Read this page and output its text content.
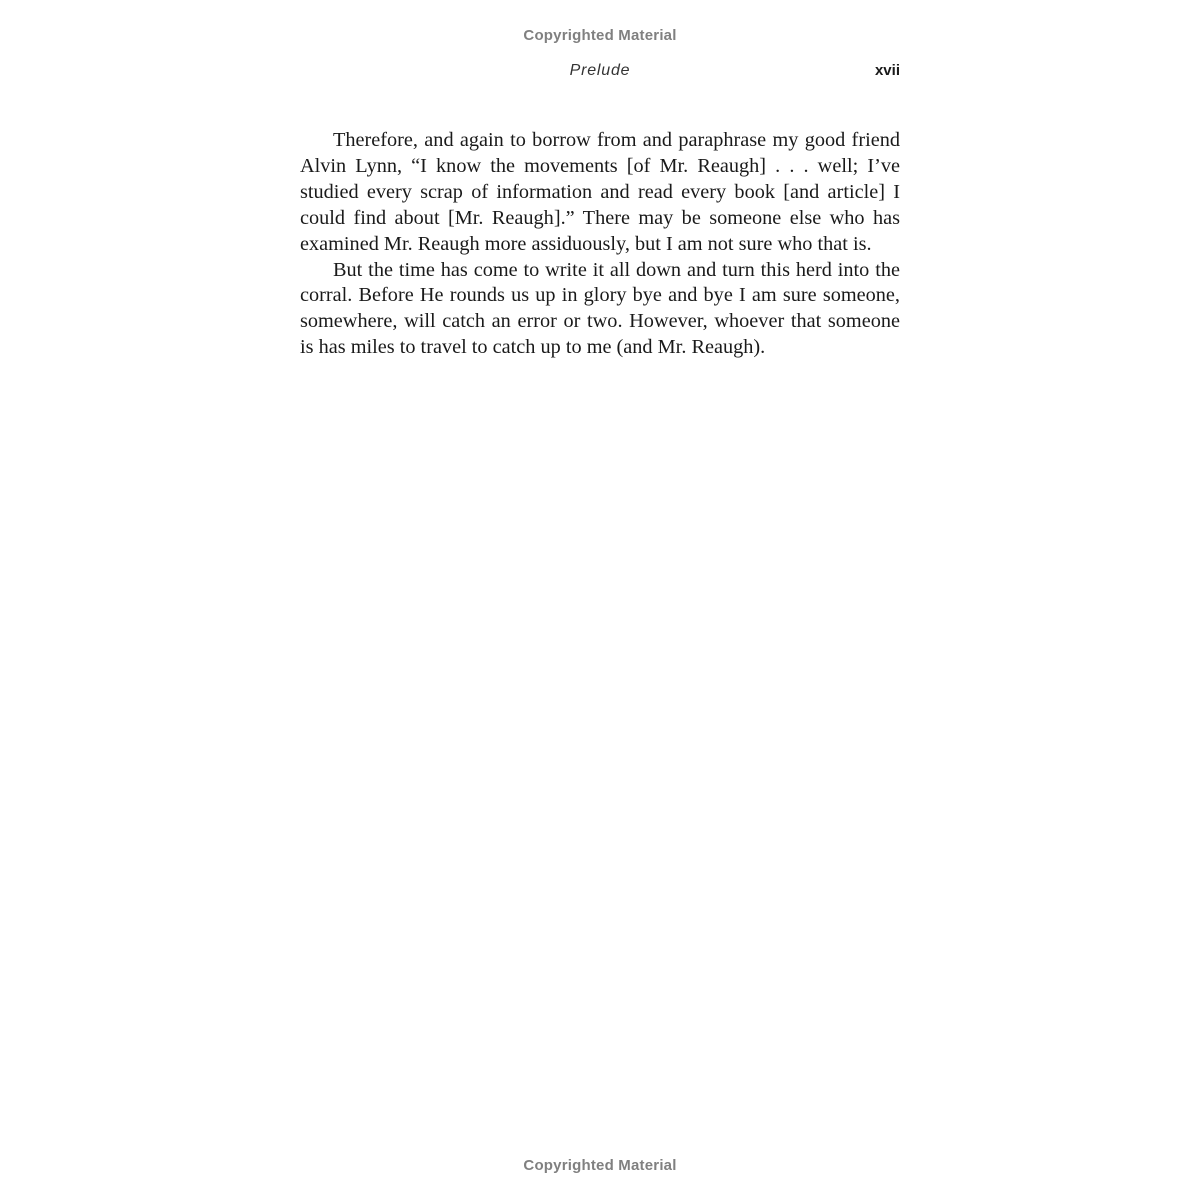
Copyrighted Material
Prelude	xvii

Therefore, and again to borrow from and paraphrase my good friend Alvin Lynn, “I know the movements [of Mr. Reaugh] . . . well; I’ve studied every scrap of information and read every book [and article] I could find about [Mr. Reaugh].” There may be someone else who has examined Mr. Reaugh more assiduously, but I am not sure who that is.

But the time has come to write it all down and turn this herd into the corral. Before He rounds us up in glory bye and bye I am sure someone, somewhere, will catch an error or two. However, whoever that someone is has miles to travel to catch up to me (and Mr. Reaugh).

Copyrighted Material
